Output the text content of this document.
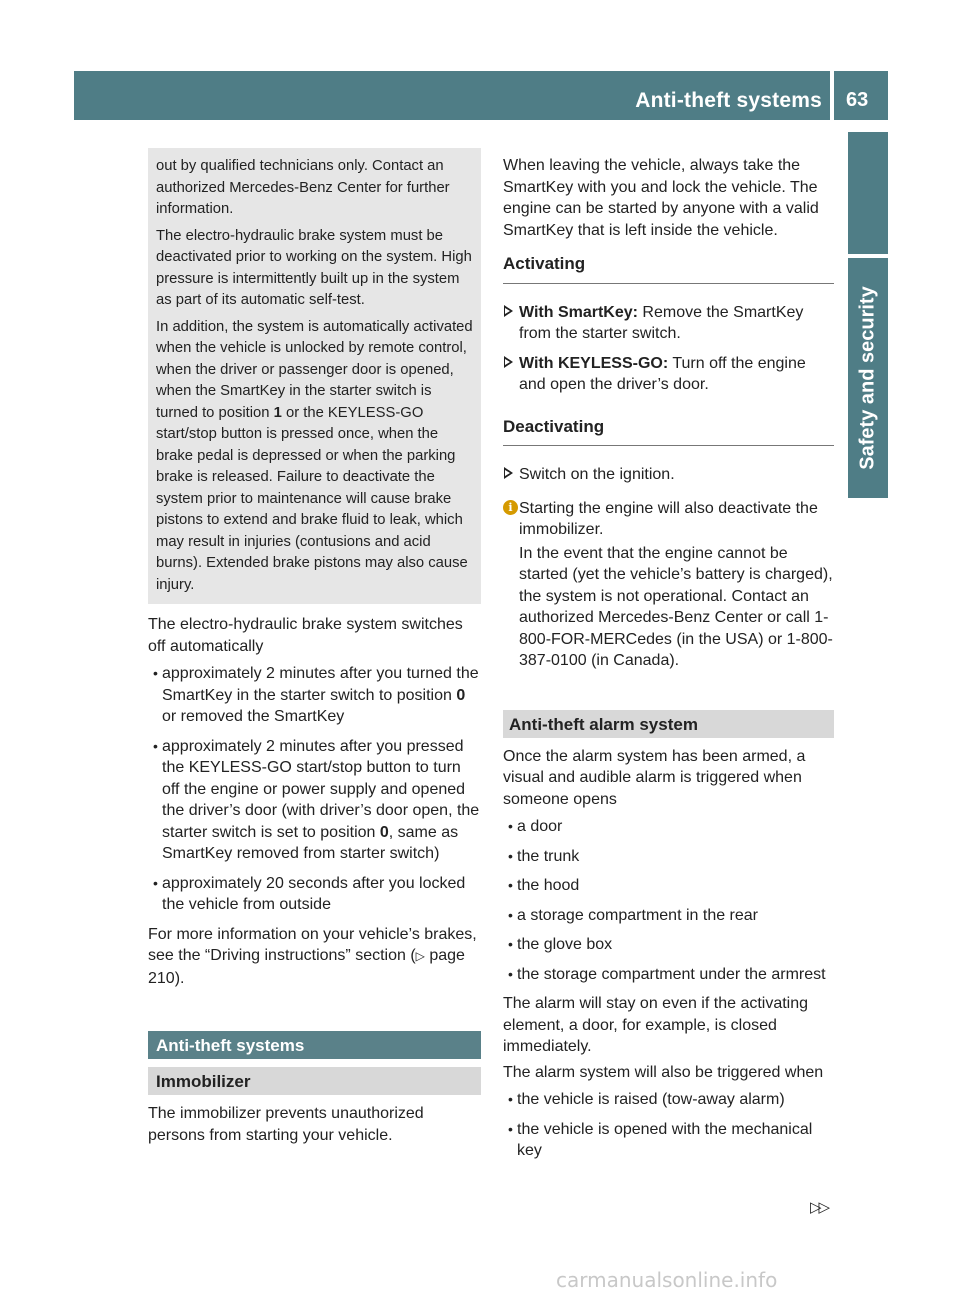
Anti-theft systems 63
Safety and security

out by qualified technicians only. Contact an authorized Mercedes-Benz Center for further information.

The electro-hydraulic brake system must be deactivated prior to working on the system. High pressure is intermittently built up in the system as part of its automatic self-test.

In addition, the system is automatically activated when the vehicle is unlocked by remote control, when the driver or passenger door is opened, when the SmartKey in the starter switch is turned to position 1 or the KEYLESS-GO start/stop button is pressed once, when the brake pedal is depressed or when the parking brake is released. Failure to deactivate the system prior to maintenance will cause brake pistons to extend and brake fluid to leak, which may result in injuries (contusions and acid burns). Extended brake pistons may also cause injury.

The electro-hydraulic brake system switches off automatically

• approximately 2 minutes after you turned the SmartKey in the starter switch to position 0 or removed the SmartKey
• approximately 2 minutes after you pressed the KEYLESS-GO start/stop button to turn off the engine or power supply and opened the driver’s door (with driver’s door open, the starter switch is set to position 0, same as SmartKey removed from starter switch)
• approximately 20 seconds after you locked the vehicle from outside

For more information on your vehicle’s brakes, see the “Driving instructions” section (▷ page 210).

Anti-theft systems
Immobilizer

The immobilizer prevents unauthorized persons from starting your vehicle.

When leaving the vehicle, always take the SmartKey with you and lock the vehicle. The engine can be started by anyone with a valid SmartKey that is left inside the vehicle.

Activating
With SmartKey: Remove the SmartKey from the starter switch.
With KEYLESS-GO: Turn off the engine and open the driver’s door.
Deactivating
Switch on the ignition.
i Starting the engine will also deactivate the immobilizer.

In the event that the engine cannot be started (yet the vehicle’s battery is charged), the system is not operational. Contact an authorized Mercedes-Benz Center or call 1-800-FOR-MERCedes (in the USA) or 1-800-387-0100 (in Canada).

Anti-theft alarm system

Once the alarm system has been armed, a visual and audible alarm is triggered when someone opens

• a door
• the trunk
• the hood
• a storage compartment in the rear
• the glove box
• the storage compartment under the armrest

The alarm will stay on even if the activating element, a door, for example, is closed immediately.

The alarm system will also be triggered when

• the vehicle is raised (tow-away alarm)
• the vehicle is opened with the mechanical key
▷▷
carmanualsonline.info
